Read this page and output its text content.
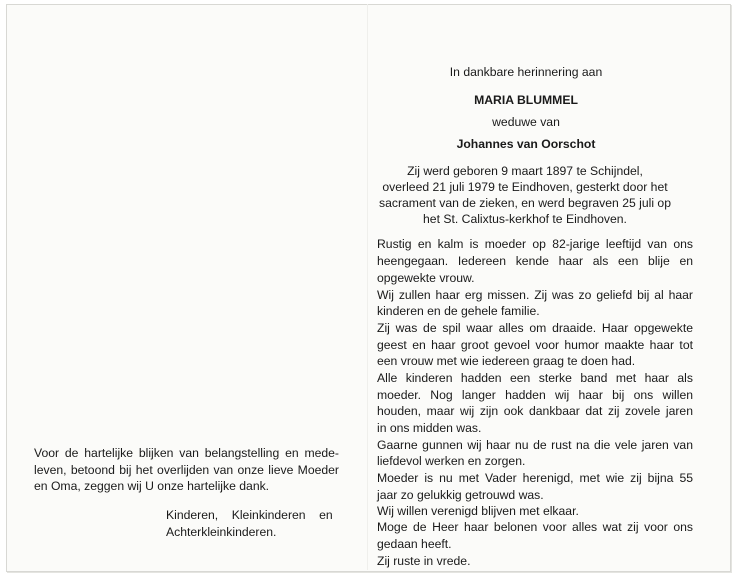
In dankbare herinnering aan
MARIA BLUMMEL
weduwe van
Johannes van Oorschot
Zij werd geboren 9 maart 1897 te Schijndel,
overleed 21 juli 1979 te Eindhoven, gesterkt door het
sacrament van de zieken, en werd begraven 25 juli op
het St. Calixtus-kerkhof te Eindhoven.
Rustig en kalm is moeder op 82-jarige leeftijd van ons
heengegaan. Iedereen kende haar als een blije en
opgewekte vrouw.
Wij zullen haar erg missen. Zij was zo geliefd bij al haar
kinderen en de gehele familie.
Zij was de spil waar alles om draaide. Haar opgewekte
geest en haar groot gevoel voor humor maakte haar tot
een vrouw met wie iedereen graag te doen had.
Alle kinderen hadden een sterke band met haar als
moeder. Nog langer hadden wij haar bij ons willen
houden, maar wij zijn ook dankbaar dat zij zovele jaren
in ons midden was.
Gaarne gunnen wij haar nu de rust na die vele jaren van
liefdevol werken en zorgen.
Moeder is nu met Vader herenigd, met wie zij bijna 55
jaar zo gelukkig getrouwd was.
Wij willen verenigd blijven met elkaar.
Moge de Heer haar belonen voor alles wat zij voor ons
gedaan heeft.
Zij ruste in vrede.
Voor de hartelijke blijken van belangstelling en mede-
leven, betoond bij het overlijden van onze lieve Moeder
en Oma, zeggen wij U onze hartelijke dank.
Kinderen,    Kleinkinderen    en
Achterkleinkinderen.
